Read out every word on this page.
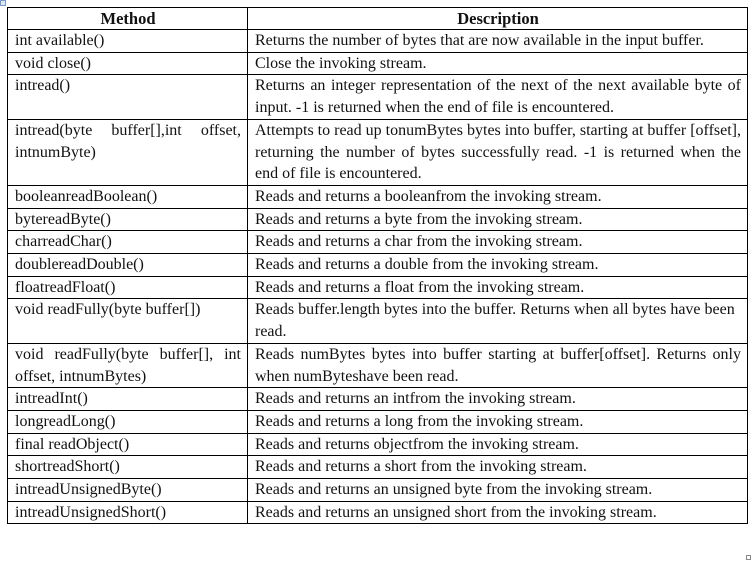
Method	Description
int available()	Returns the number of bytes that are now available in the input buffer.
void close()	Close the invoking stream.
intread()	Returns an integer representation of the next of the next available byte of input. -1 is returned when the end of file is encountered.
intread(byte buffer[],int offset, intnumByte)	Attempts to read up tonumBytes bytes into buffer, starting at buffer [offset], returning the number of bytes successfully read. -1 is returned when the end of file is encountered.
booleanreadBoolean()	Reads and returns a booleanfrom the invoking stream.
bytereadByte()	Reads and returns a byte from the invoking stream.
charreadChar()	Reads and returns a char from the invoking stream.
doublereadDouble()	Reads and returns a double from the invoking stream.
floatreadFloat()	Reads and returns a float from the invoking stream.
void readFully(byte buffer[])	Reads buffer.length bytes into the buffer. Returns when all bytes have been read.
void readFully(byte buffer[], int offset, intnumBytes)	Reads numBytes bytes into buffer starting at buffer[offset]. Returns only when numByteshave been read.
intreadInt()	Reads and returns an intfrom the invoking stream.
longreadLong()	Reads and returns a long from the invoking stream.
final readObject()	Reads and returns objectfrom the invoking stream.
shortreadShort()	Reads and returns a short from the invoking stream.
intreadUnsignedByte()	Reads and returns an unsigned byte from the invoking stream.
intreadUnsignedShort()	Reads and returns an unsigned short from the invoking stream.
